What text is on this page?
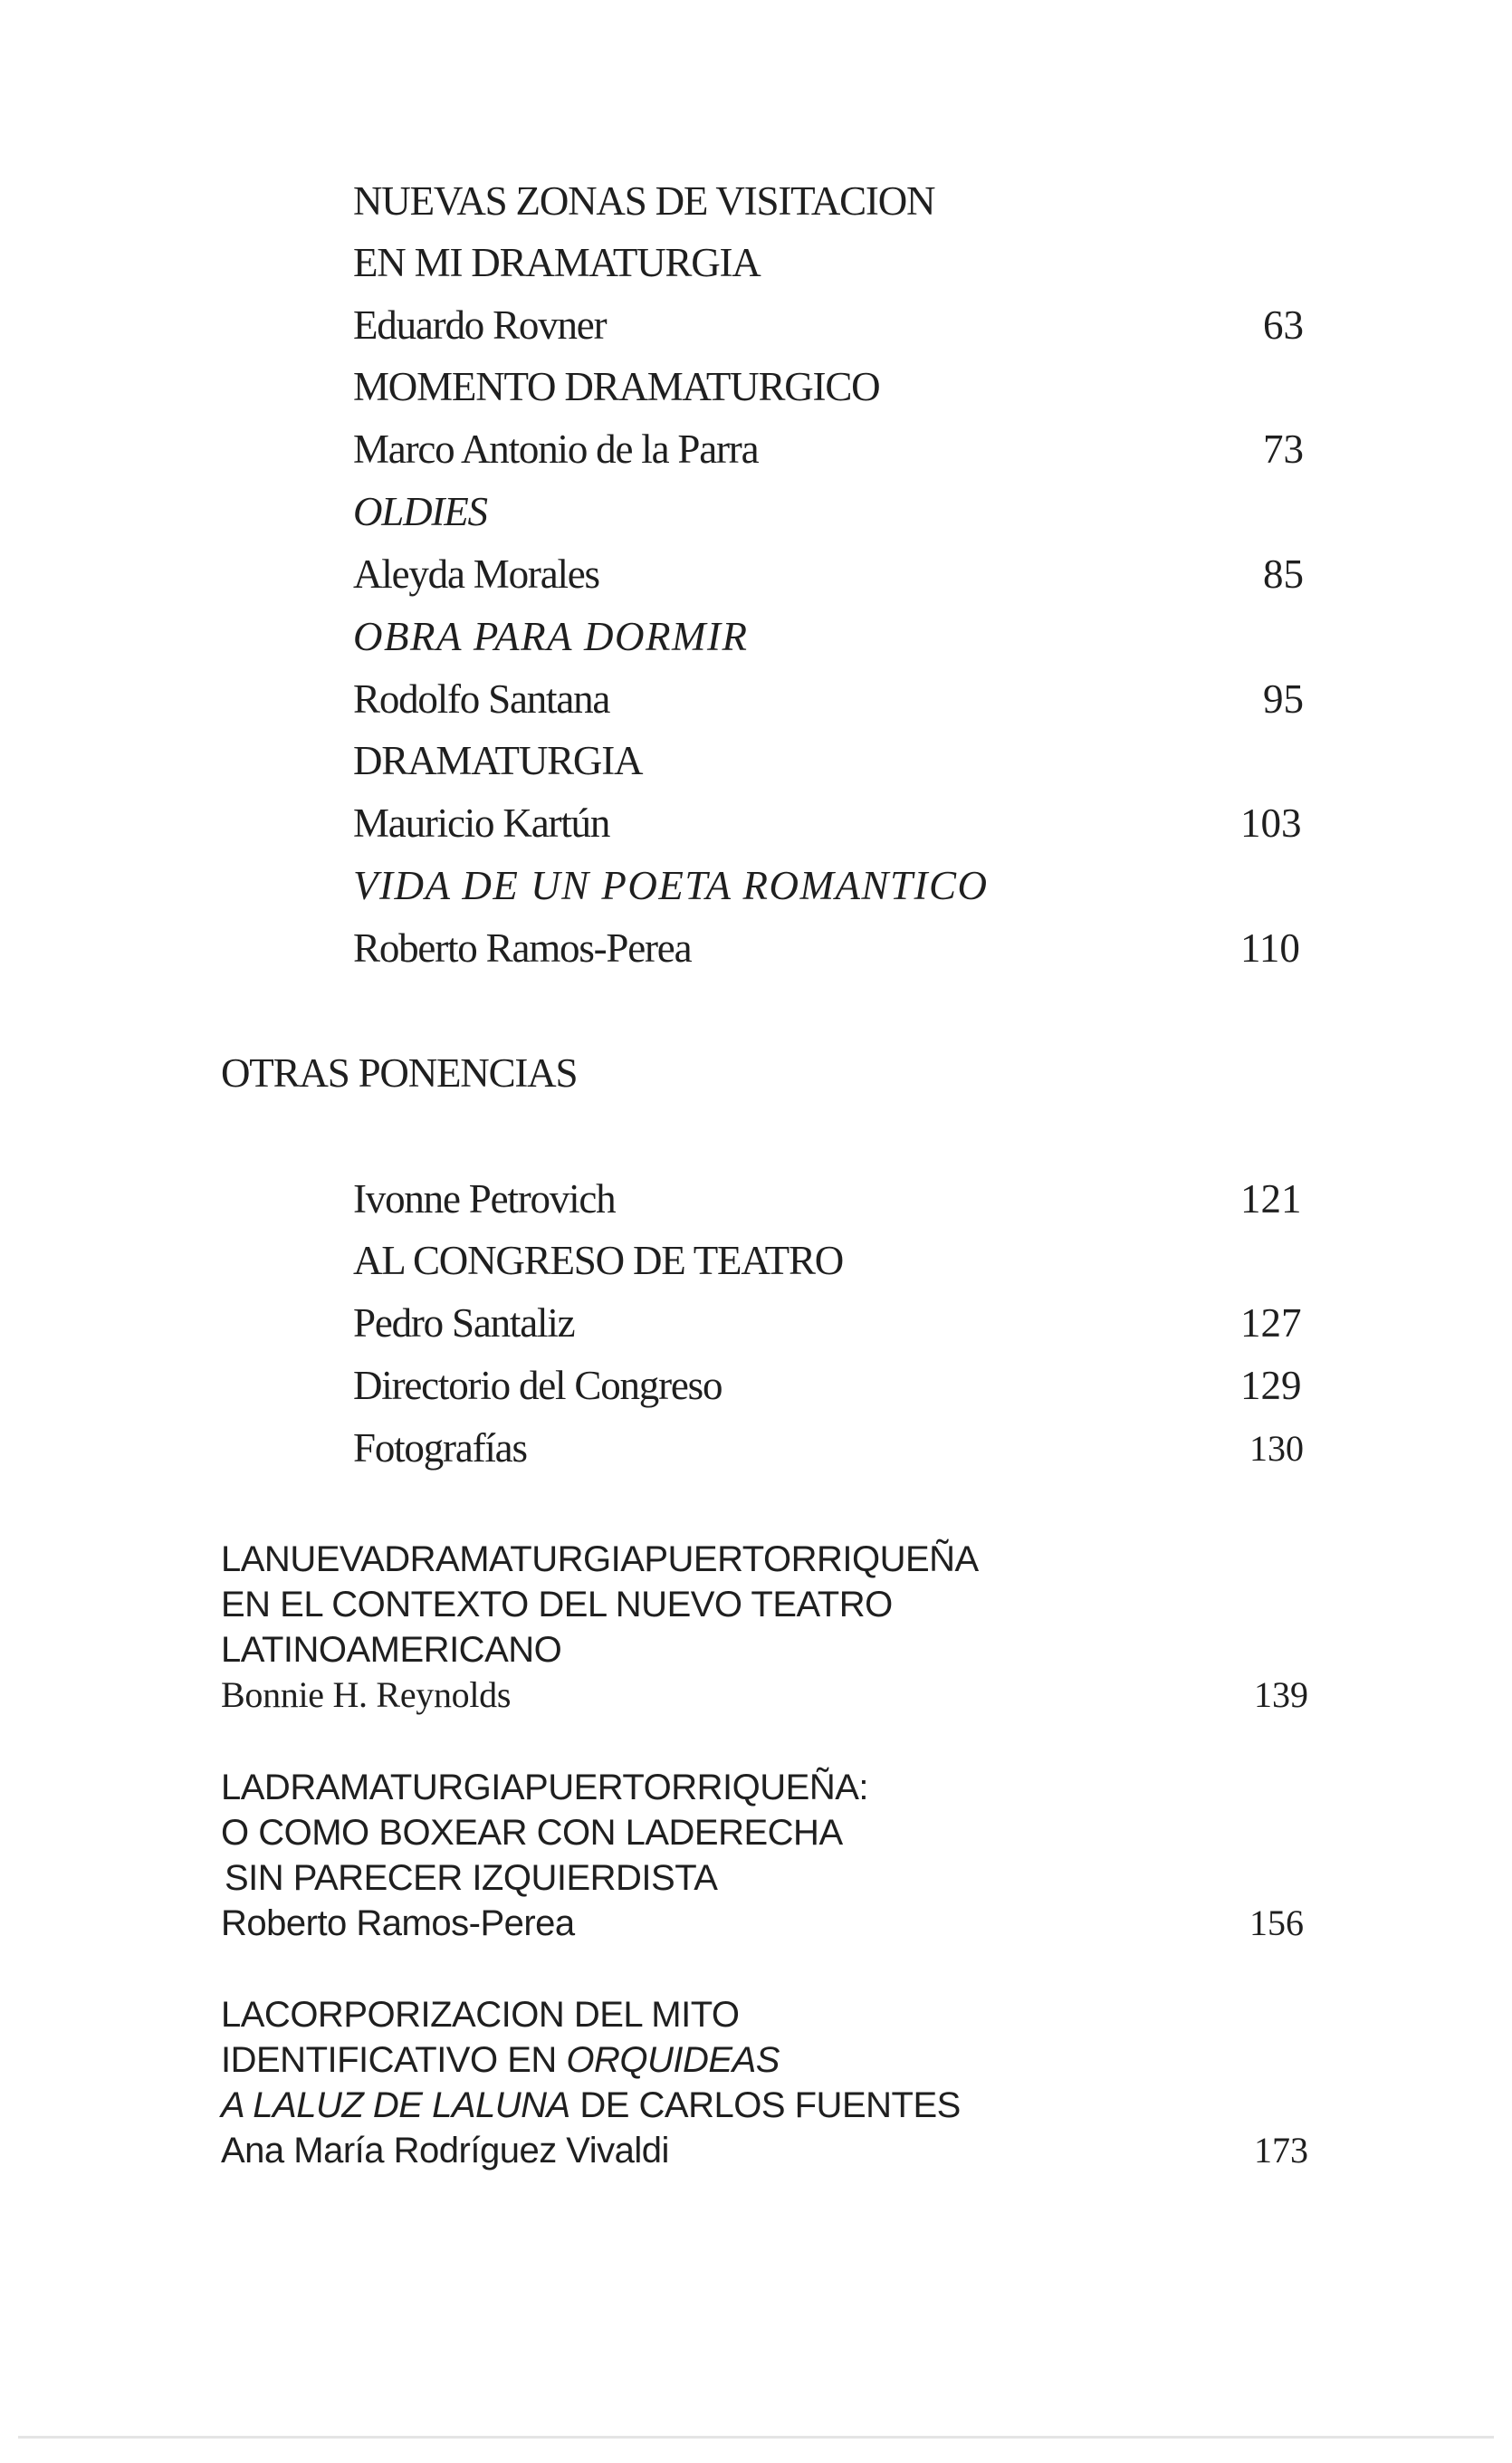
NUEVAS ZONAS DE VISITACION
EN MI DRAMATURGIA
Eduardo Rovner	63
MOMENTO DRAMATURGICO
Marco Antonio de la Parra	73
OLDIES
Aleyda Morales	85
OBRA PARA DORMIR
Rodolfo Santana	95
DRAMATURGIA
Mauricio Kartún	103
VIDA DE UN POETA ROMANTICO
Roberto Ramos-Perea	110
OTRAS PONENCIAS
Ivonne Petrovich	121
AL CONGRESO DE TEATRO
Pedro Santaliz	127
Directorio del Congreso	129
Fotografías	130
LANUEVADRAMATURGIAPUERTORRIQUEÑA
EN EL CONTEXTO DEL NUEVO TEATRO
LATINOAMERICANO
Bonnie H. Reynolds	139
LADRAMATURGIAPUERTORRIQUEÑA:
O COMO BOXEAR CON LADERECHA
SIN PARECER IZQUIERDISTA
Roberto Ramos-Perea	156
LACORPORIZACION DEL MITO
IDENTIFICATIVO EN ORQUIDEAS
A LALUZ DE LALUNA DE CARLOS FUENTES
Ana María Rodríguez Vivaldi	173
